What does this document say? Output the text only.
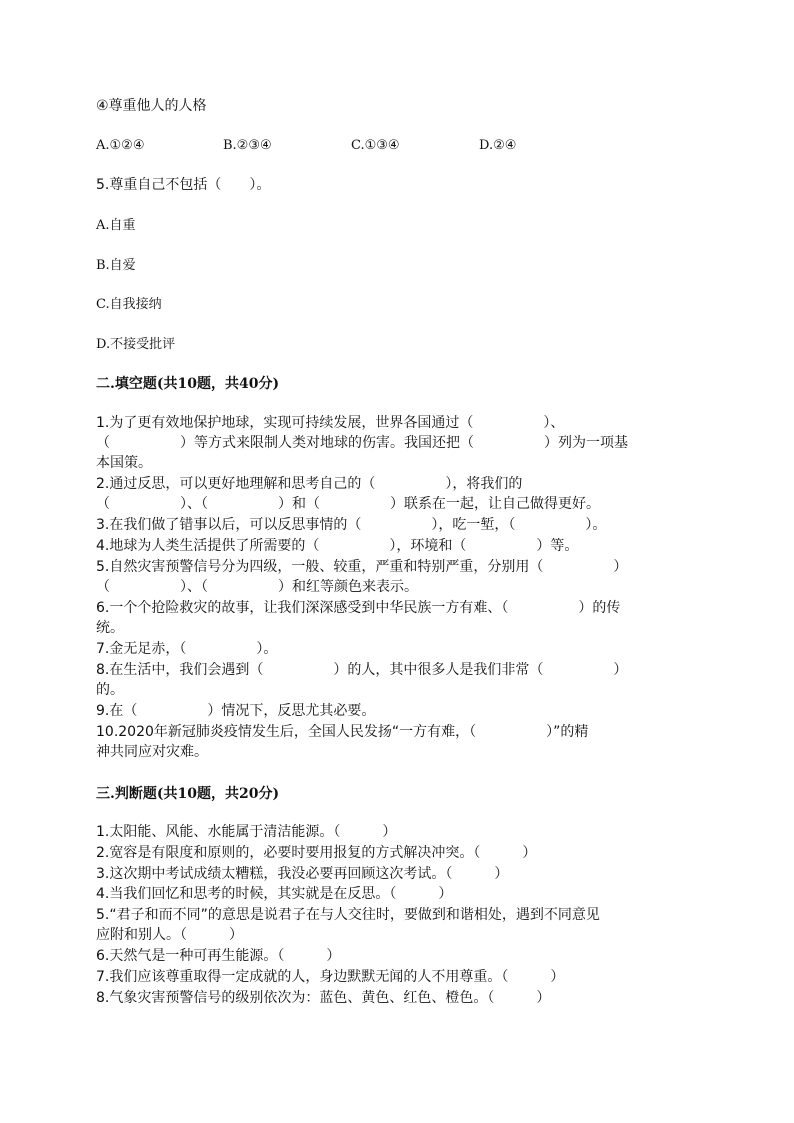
④尊重他人的人格
A.①②④	B.②③④	C.①③④	D.②④
5.尊重自己不包括（　　）。
A.自重
B.自爱
C.自我接纳
D.不接受批评
二.填空题(共10题，共40分)
1.为了更有效地保护地球，实现可持续发展，世界各国通过（　　　　　）、
（　　　　　）等方式来限制人类对地球的伤害。我国还把（　　　　　）列为一项基
本国策。
2.通过反思，可以更好地理解和思考自己的（　　　　　），将我们的
（　　　　　）、（　　　　　）和（　　　　　）联系在一起，让自己做得更好。
3.在我们做了错事以后，可以反思事情的（　　　　　），吃一堑，（　　　　　）。
4.地球为人类生活提供了所需要的（　　　　　），环境和（　　　　　）等。
5.自然灾害预警信号分为四级，一般、较重，严重和特别严重，分别用（　　　　　）
（　　　　　）、（　　　　　）和红等颜色来表示。
6.一个个抢险救灾的故事，让我们深深感受到中华民族一方有难、（　　　　　）的传
统。
7.金无足赤，（　　　　　）。
8.在生活中，我们会遇到（　　　　　）的人，其中很多人是我们非常（　　　　　）
的。
9.在（　　　　　）情况下，反思尤其必要。
10.2020年新冠肺炎疫情发生后，全国人民发扬“一方有难，（　　　　　）”的精
神共同应对灾难。
三.判断题(共10题，共20分)
1.太阳能、风能、水能属于清洁能源。（　　　）
2.宽容是有限度和原则的，必要时要用报复的方式解决冲突。（　　　）
3.这次期中考试成绩太糟糕，我没必要再回顾这次考试。（　　　）
4.当我们回忆和思考的时候，其实就是在反思。（　　　）
5.“君子和而不同”的意思是说君子在与人交往时，要做到和谐相处，遇到不同意见
应附和别人。（　　　）
6.天然气是一种可再生能源。（　　　）
7.我们应该尊重取得一定成就的人，身边默默无闻的人不用尊重。（　　　）
8.气象灾害预警信号的级别依次为：蓝色、黄色、红色、橙色。（　　　）
